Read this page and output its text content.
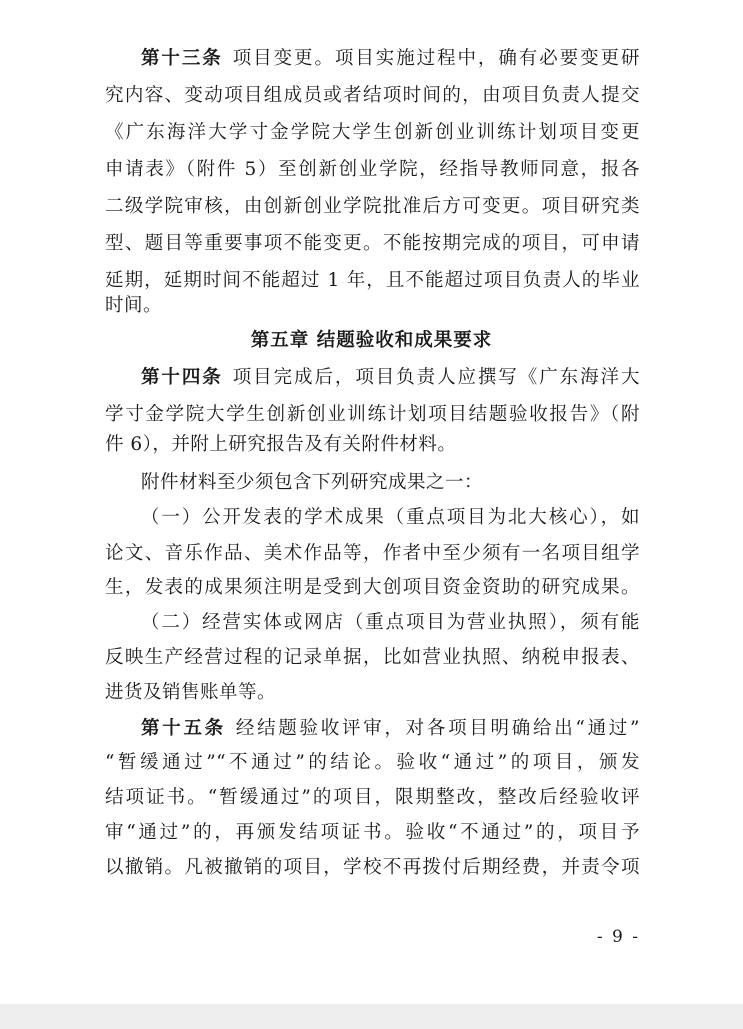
第十三条 项目变更。项目实施过程中，确有必要变更研
究内容、变动项目组成员或者结项时间的，由项目负责人提交
《广东海洋大学寸金学院大学生创新创业训练计划项目变更
申请表》（附件 5）至创新创业学院，经指导教师同意，报各
二级学院审核，由创新创业学院批准后方可变更。项目研究类
型、题目等重要事项不能变更。不能按期完成的项目，可申请
延期，延期时间不能超过 1 年，且不能超过项目负责人的毕业
时间。
第五章 结题验收和成果要求
第十四条 项目完成后，项目负责人应撰写《广东海洋大
学寸金学院大学生创新创业训练计划项目结题验收报告》（附
件 6），并附上研究报告及有关附件材料。
附件材料至少须包含下列研究成果之一：
（一）公开发表的学术成果（重点项目为北大核心），如
论文、音乐作品、美术作品等，作者中至少须有一名项目组学
生，发表的成果须注明是受到大创项目资金资助的研究成果。
（二）经营实体或网店（重点项目为营业执照），须有能
反映生产经营过程的记录单据，比如营业执照、纳税申报表、
进货及销售账单等。
第十五条 经结题验收评审，对各项目明确给出“通过”
“暂缓通过”“不通过”的结论。验收“通过”的项目，颁发
结项证书。“暂缓通过”的项目，限期整改，整改后经验收评
审“通过”的，再颁发结项证书。验收“不通过”的，项目予
以撤销。凡被撤销的项目，学校不再拨付后期经费，并责令项
- 9 -
